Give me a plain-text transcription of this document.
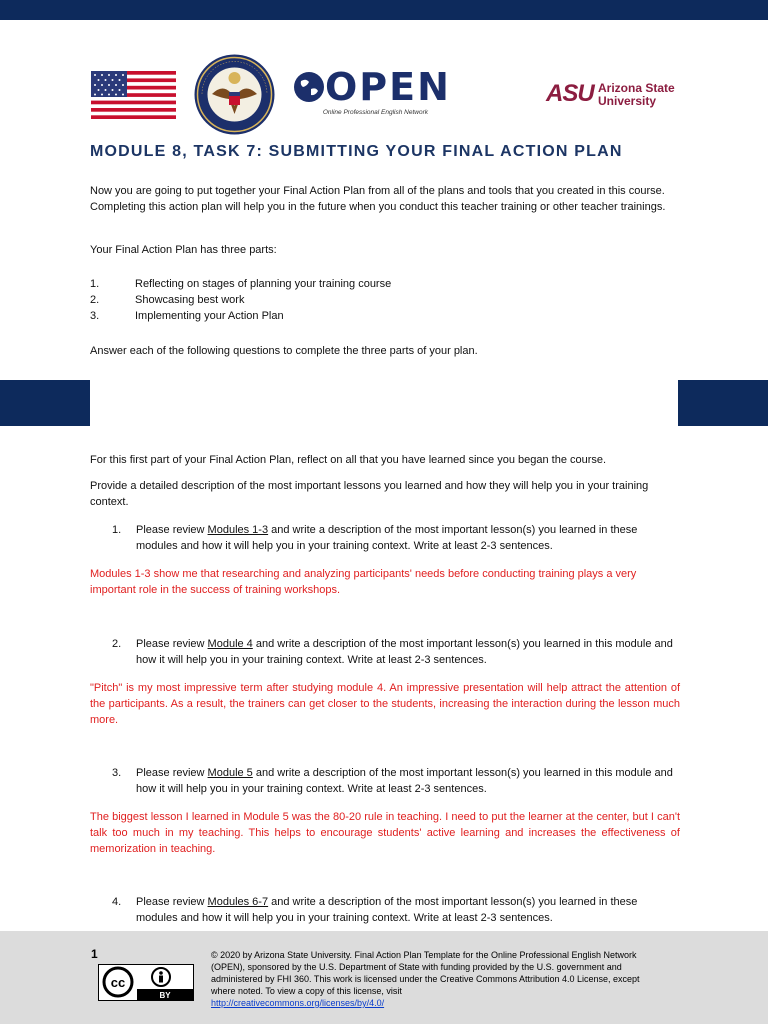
OPEN
Online Professional English Network
ASU Arizona State
University
MODULE 8, TASK 7: SUBMITTING YOUR FINAL ACTION PLAN

Now you are going to put together your Final Action Plan from all of the plans and tools that you created in this course. Completing this action plan will help you in the future when you conduct this teacher training or other teacher trainings.

Your Final Action Plan has three parts:

1.	Reflecting on stages of planning your training course
2.	Showcasing best work
3.	Implementing your Action Plan

Answer each of the following questions to complete the three parts of your plan.

For this first part of your Final Action Plan, reflect on all that you have learned since you began the course.

Provide a detailed description of the most important lessons you learned and how they will help you in your training context.

1. Please review Modules 1-3 and write a description of the most important lesson(s) you learned in these modules and how it will help you in your training context. Write at least 2-3 sentences.

Modules 1-3 show me that researching and analyzing participants' needs before conducting training plays a very important role in the success of training workshops.

2. Please review Module 4 and write a description of the most important lesson(s) you learned in this module and how it will help you in your training context. Write at least 2-3 sentences.

"Pitch" is my most impressive term after studying module 4. An impressive presentation will help attract the attention of the participants. As a result, the trainers can get closer to the students, increasing the interaction during the lesson much more.

3. Please review Module 5 and write a description of the most important lesson(s) you learned in this module and how it will help you in your training context. Write at least 2-3 sentences.

The biggest lesson I learned in Module 5 was the 80-20 rule in teaching. I need to put the learner at the center, but I can't talk too much in my teaching. This helps to encourage students' active learning and increases the effectiveness of memorization in teaching.

4. Please review Modules 6-7 and write a description of the most important lesson(s) you learned in these modules and how it will help you in your training context. Write at least 2-3 sentences.
1
cc
BY
© 2020 by Arizona State University. Final Action Plan Template for the Online Professional English Network (OPEN), sponsored by the U.S. Department of State with funding provided by the U.S. government and administered by FHI 360. This work is licensed under the Creative Commons Attribution 4.0 License, except where noted. To view a copy of this license, visit
http://creativecommons.org/licenses/by/4.0/
